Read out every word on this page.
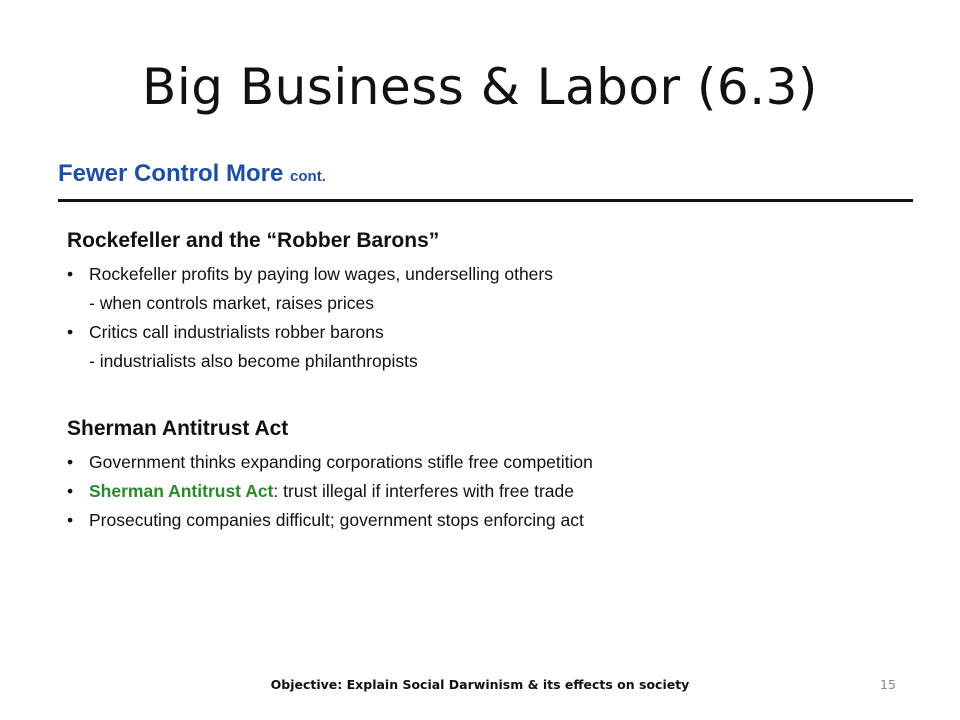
Big Business & Labor (6.3)
Fewer Control More cont.
Rockefeller and the “Robber Barons”
• Rockefeller profits by paying low wages, underselling others
- when controls market, raises prices
• Critics call industrialists robber barons
- industrialists also become philanthropists
Sherman Antitrust Act
• Government thinks expanding corporations stifle free competition
• Sherman Antitrust Act: trust illegal if interferes with free trade
• Prosecuting companies difficult; government stops enforcing act
Objective: Explain Social Darwinism & its effects on society	15
